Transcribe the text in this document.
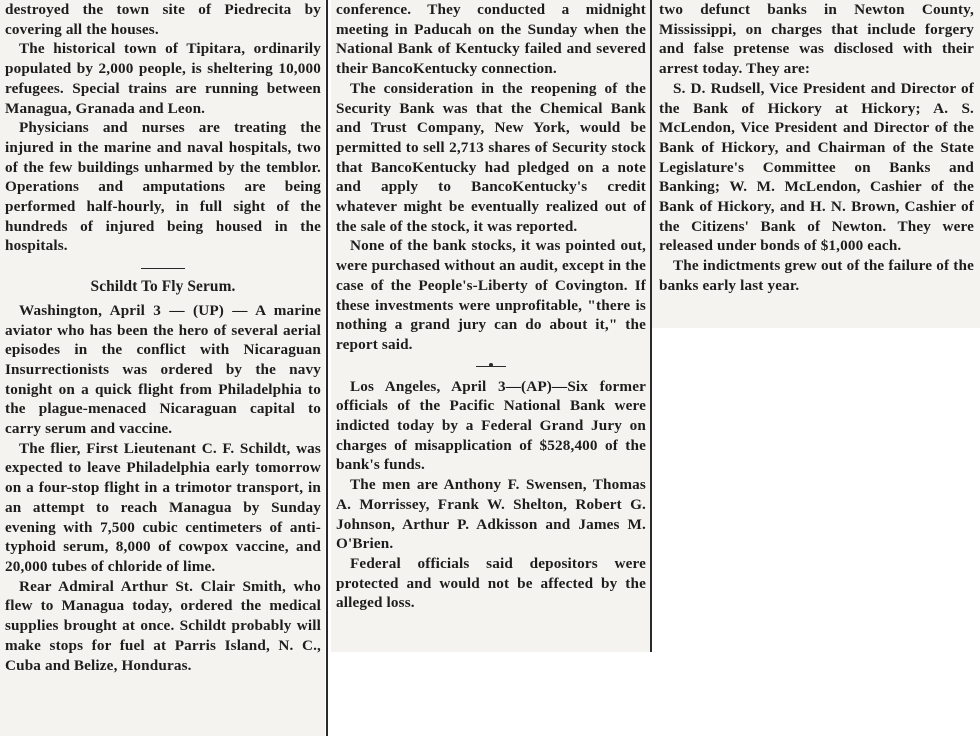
destroyed the town site of Piedrecita by covering all the houses.

The historical town of Tipitara, ordinarily populated by 2,000 people, is sheltering 10,000 refugees. Special trains are running between Managua, Granada and Leon.

Physicians and nurses are treating the injured in the marine and naval hospitals, two of the few buildings unharmed by the temblor. Operations and amputations are being performed half-hourly, in full sight of the hundreds of injured being housed in the hospitals.

Schildt To Fly Serum.

Washington, April 3 — (UP) — A marine aviator who has been the hero of several aerial episodes in the conflict with Nicaraguan Insurrectionists was ordered by the navy tonight on a quick flight from Philadelphia to the plague-menaced Nicaraguan capital to carry serum and vaccine.

The flier, First Lieutenant C. F. Schildt, was expected to leave Philadelphia early tomorrow on a four-stop flight in a trimotor transport, in an attempt to reach Managua by Sunday evening with 7,500 cubic centimeters of anti-typhoid serum, 8,000 of cowpox vaccine, and 20,000 tubes of chloride of lime.

Rear Admiral Arthur St. Clair Smith, who flew to Managua today, ordered the medical supplies brought at once. Schildt probably will make stops for fuel at Parris Island, N. C., Cuba and Belize, Honduras.

conference. They conducted a midnight meeting in Paducah on the Sunday when the National Bank of Kentucky failed and severed their BancoKentucky connection.

The consideration in the reopening of the Security Bank was that the Chemical Bank and Trust Company, New York, would be permitted to sell 2,713 shares of Security stock that BancoKentucky had pledged on a note and apply to BancoKentucky's credit whatever might be eventually realized out of the sale of the stock, it was reported.

None of the bank stocks, it was pointed out, were purchased without an audit, except in the case of the People's-Liberty of Covington. If these investments were unprofitable, "there is nothing a grand jury can do about it," the report said.

Los Angeles, April 3—(AP)—Six former officials of the Pacific National Bank were indicted today by a Federal Grand Jury on charges of misapplication of $528,400 of the bank's funds.

The men are Anthony F. Swensen, Thomas A. Morrissey, Frank W. Shelton, Robert G. Johnson, Arthur P. Adkisson and James M. O'Brien.

Federal officials said depositors were protected and would not be affected by the alleged loss.

two defunct banks in Newton County, Mississippi, on charges that include forgery and false pretense was disclosed with their arrest today. They are:

S. D. Rudsell, Vice President and Director of the Bank of Hickory at Hickory; A. S. McLendon, Vice President and Director of the Bank of Hickory, and Chairman of the State Legislature's Committee on Banks and Banking; W. M. McLendon, Cashier of the Bank of Hickory, and H. N. Brown, Cashier of the Citizens' Bank of Newton. They were released under bonds of $1,000 each.

The indictments grew out of the failure of the banks early last year.
